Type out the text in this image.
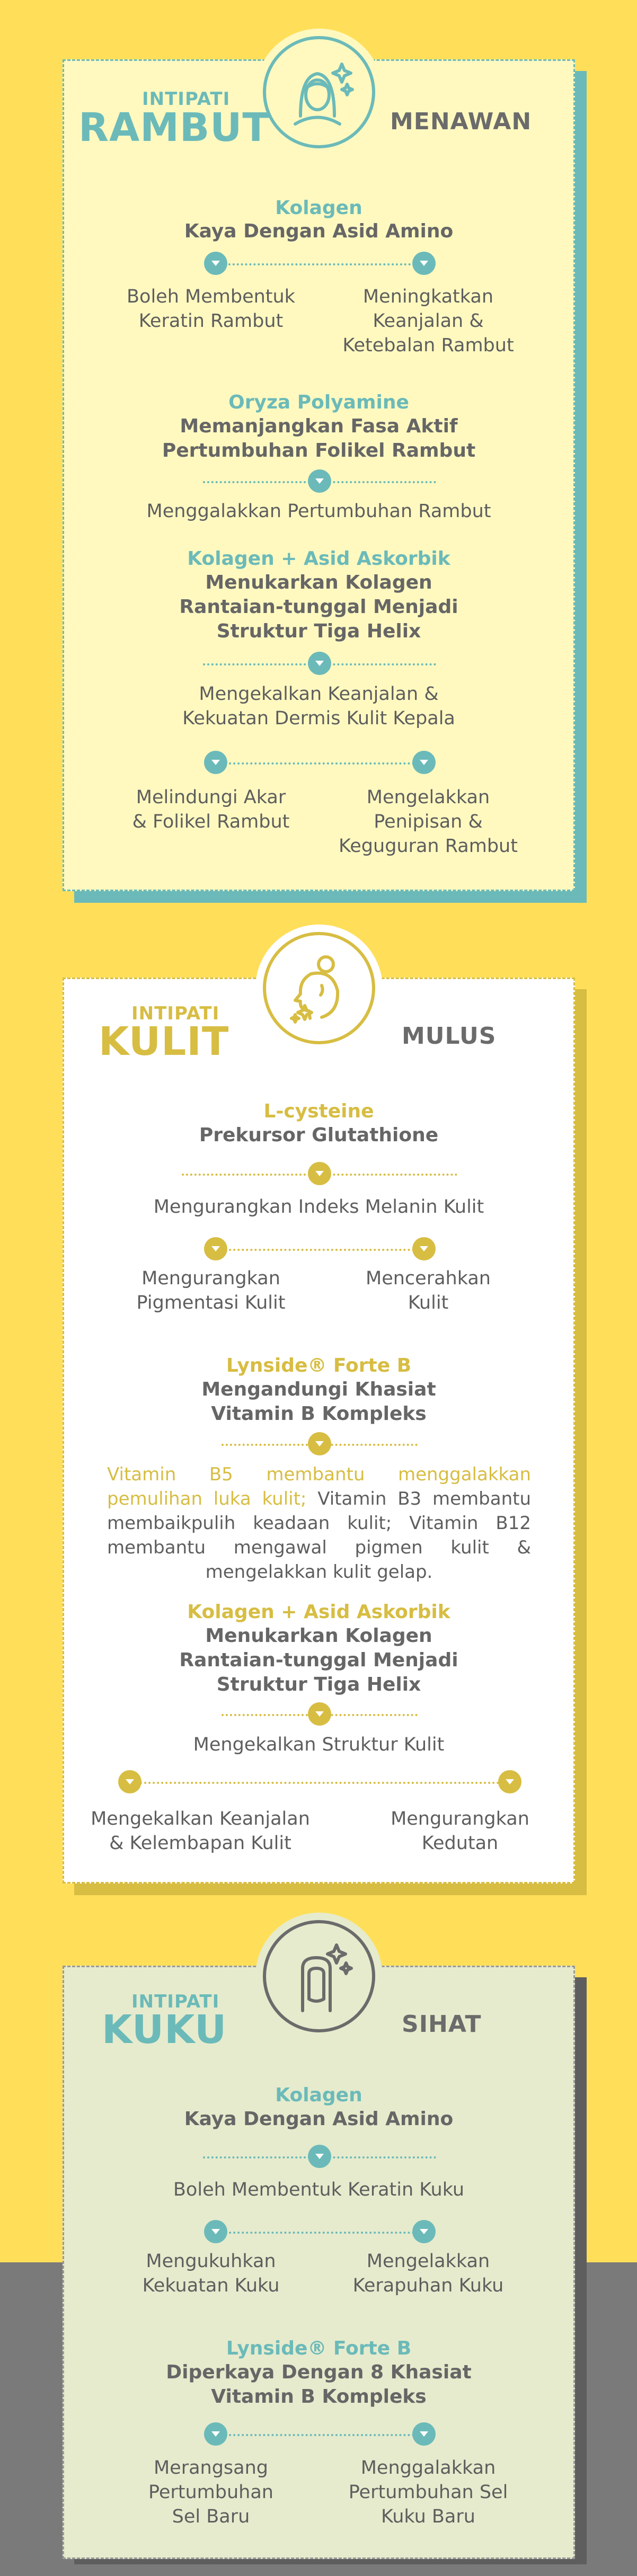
INTIPATI
RAMBUT	MENAWAN
Kolagen
Kaya Dengan Asid Amino
Boleh Membentuk
Keratin Rambut
Meningkatkan
Keanjalan &
Ketebalan Rambut
Oryza Polyamine
Memanjangkan Fasa Aktif
Pertumbuhan Folikel Rambut
Menggalakkan Pertumbuhan Rambut
Kolagen + Asid Askorbik
Menukarkan Kolagen
Rantaian-tunggal Menjadi
Struktur Tiga Helix
Mengekalkan Keanjalan &
Kekuatan Dermis Kulit Kepala
Melindungi Akar
& Folikel Rambut
Mengelakkan
Penipisan &
Keguguran Rambut
INTIPATI
KULIT	MULUS
L-cysteine
Prekursor Glutathione
Mengurangkan Indeks Melanin Kulit
Mengurangkan
Pigmentasi Kulit
Mencerahkan
Kulit
Lynside® Forte B
Mengandungi Khasiat
Vitamin B Kompleks
Vitamin B5 membantu menggalakkan pemulihan luka kulit; Vitamin B3 membantu membaikpulih keadaan kulit; Vitamin B12 membantu mengawal pigmen kulit & mengelakkan kulit gelap.
Kolagen + Asid Askorbik
Menukarkan Kolagen
Rantaian-tunggal Menjadi
Struktur Tiga Helix
Mengekalkan Struktur Kulit
Mengekalkan Keanjalan
& Kelembapan Kulit
Mengurangkan
Kedutan
INTIPATI
KUKU	SIHAT
Kolagen
Kaya Dengan Asid Amino
Boleh Membentuk Keratin Kuku
Mengukuhkan
Kekuatan Kuku
Mengelakkan
Kerapuhan Kuku
Lynside® Forte B
Diperkaya Dengan 8 Khasiat
Vitamin B Kompleks
Merangsang
Pertumbuhan
Sel Baru
Menggalakkan
Pertumbuhan Sel
Kuku Baru
